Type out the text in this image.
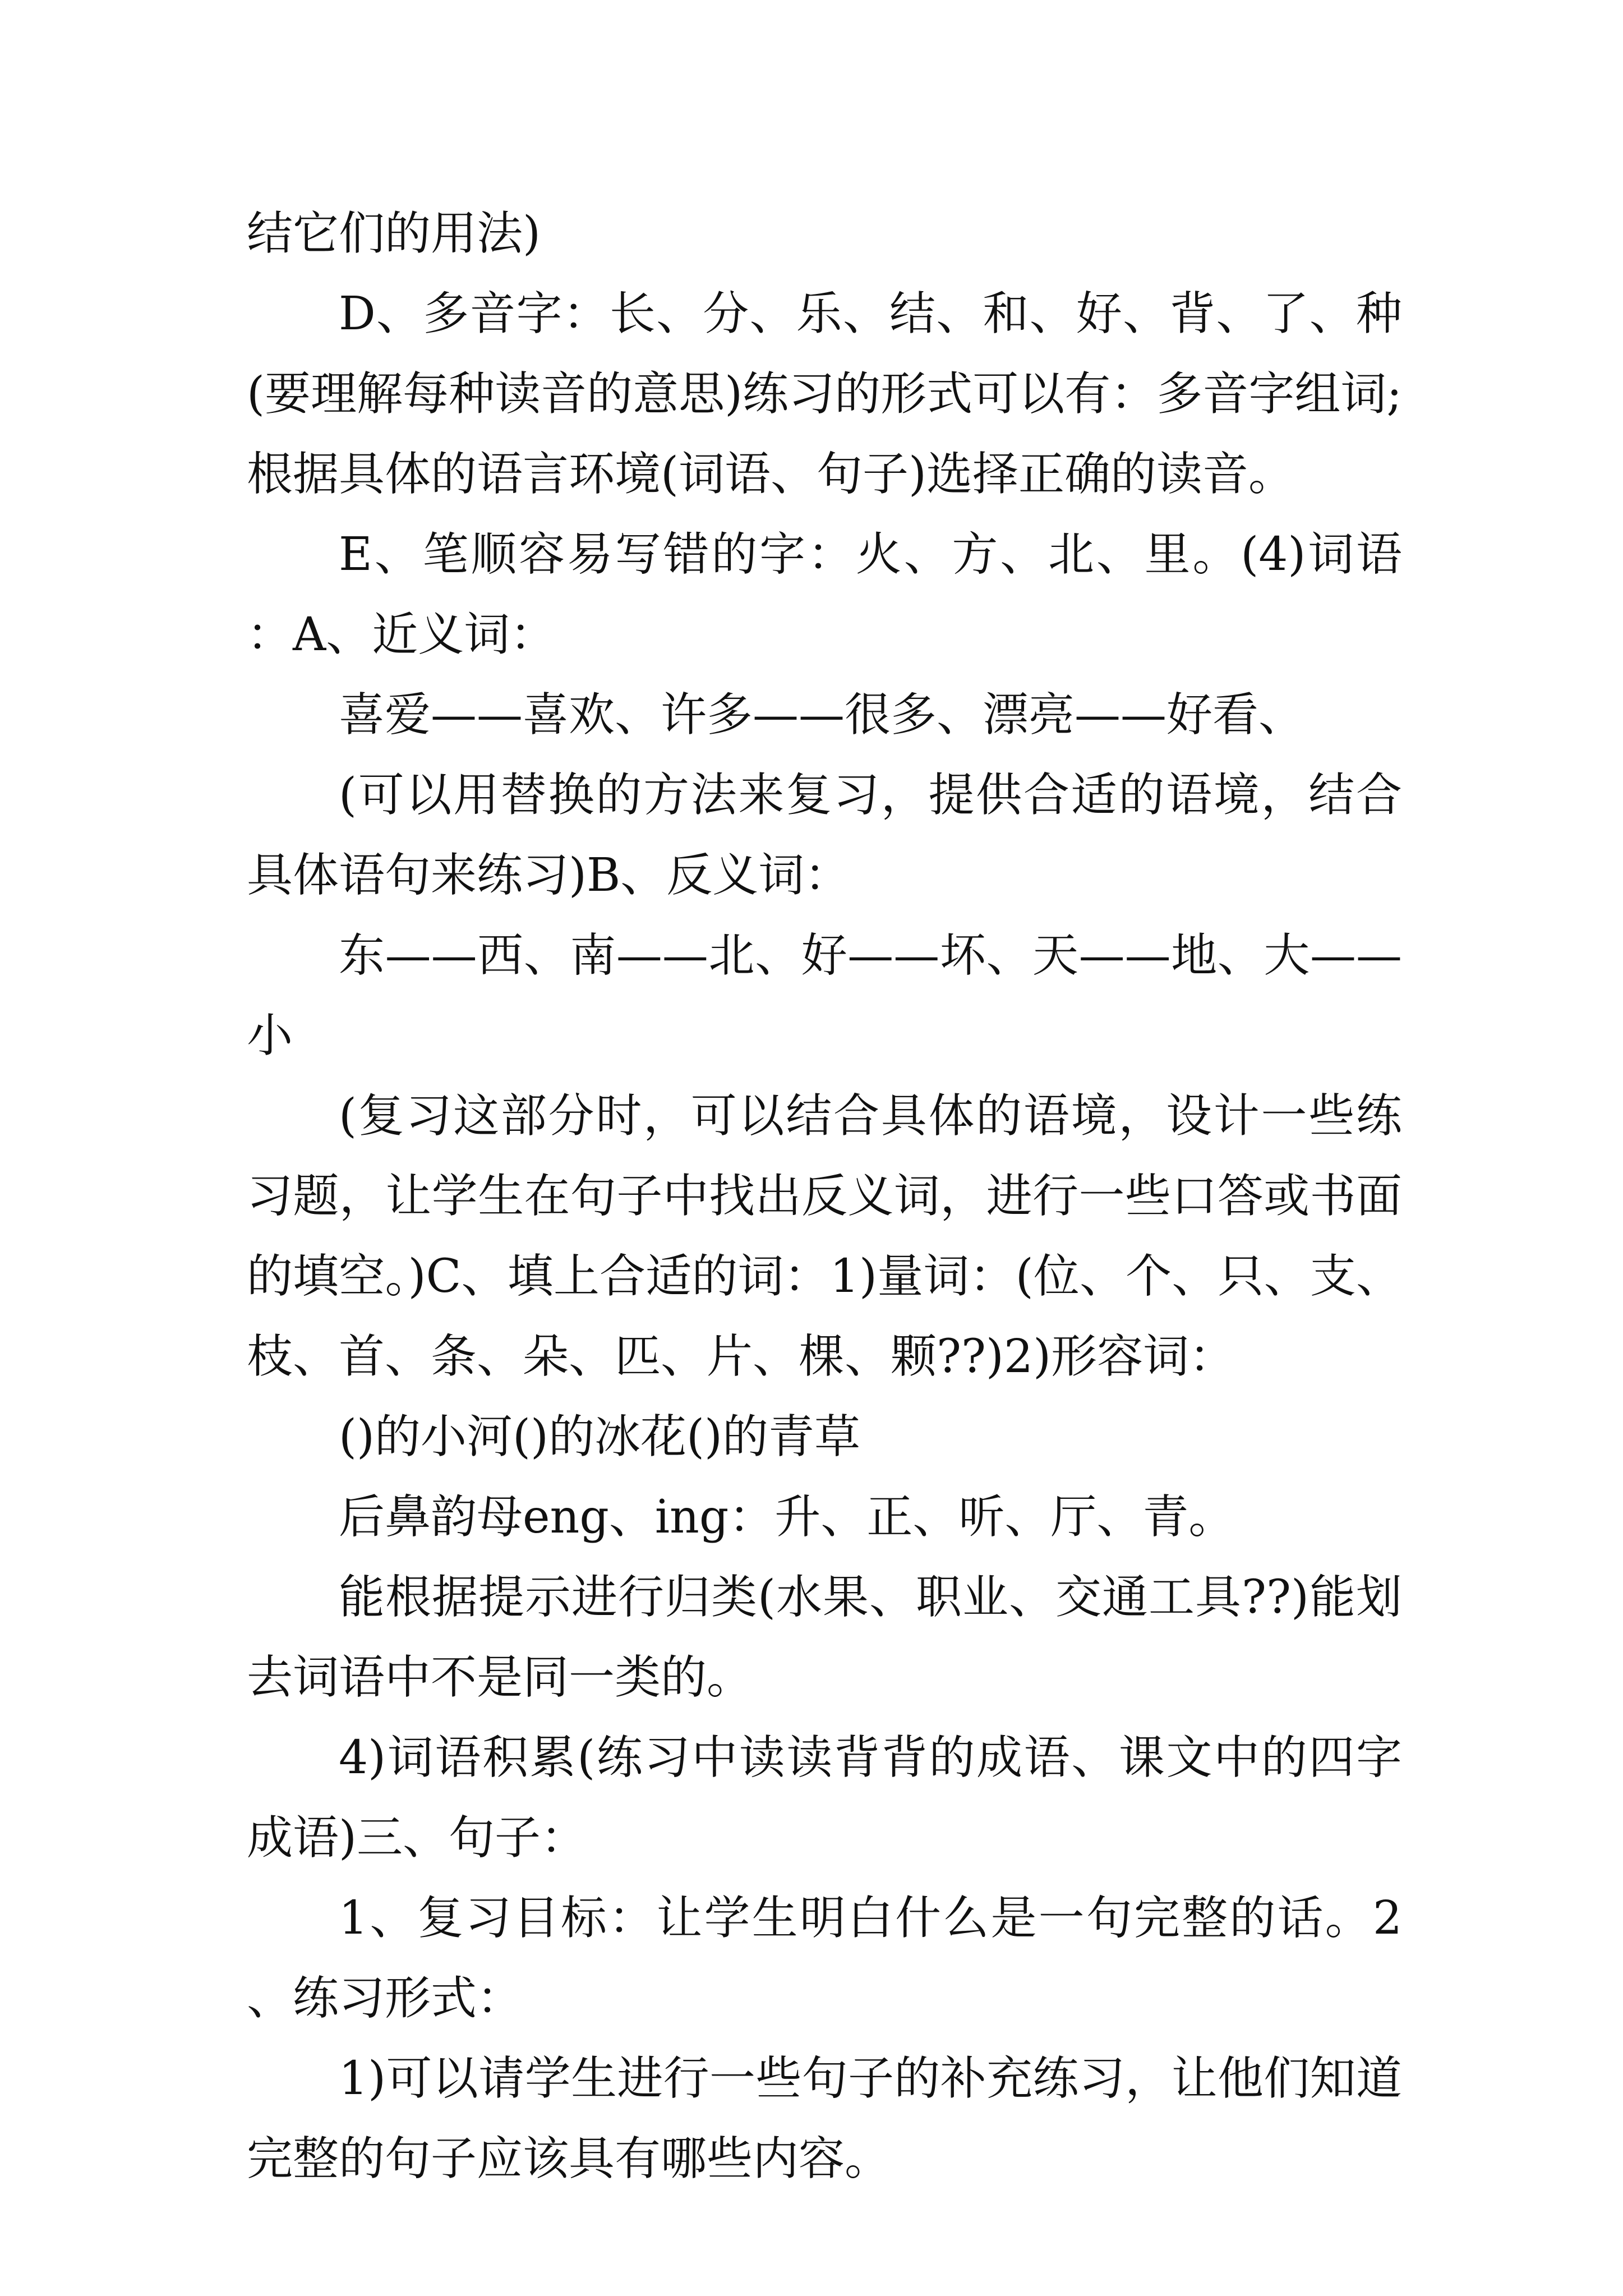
结它们的用法)

D、多音字：长、分、乐、结、和、好、背、了、种(要理解每种读音的意思)练习的形式可以有：多音字组词;根据具体的语言环境(词语、句子)选择正确的读音。

E、笔顺容易写错的字：火、方、北、里。(4)词语：A、近义词：

喜爱——喜欢、许多——很多、漂亮——好看、

(可以用替换的方法来复习，提供合适的语境，结合具体语句来练习)B、反义词：

东——西、南——北、好——坏、天——地、大——小

(复习这部分时，可以结合具体的语境，设计一些练习题，让学生在句子中找出反义词，进行一些口答或书面的填空。)C、填上合适的词：1)量词：(位、个、只、支、枝、首、条、朵、匹、片、棵、颗??)2)形容词：

()的小河()的冰花()的青草

后鼻韵母eng、ing：升、正、听、厅、青。

能根据提示进行归类(水果、职业、交通工具??)能划去词语中不是同一类的。

4)词语积累(练习中读读背背的成语、课文中的四字成语)三、句子：

1、复习目标：让学生明白什么是一句完整的话。2、练习形式：

1)可以请学生进行一些句子的补充练习，让他们知道完整的句子应该具有哪些内容。
